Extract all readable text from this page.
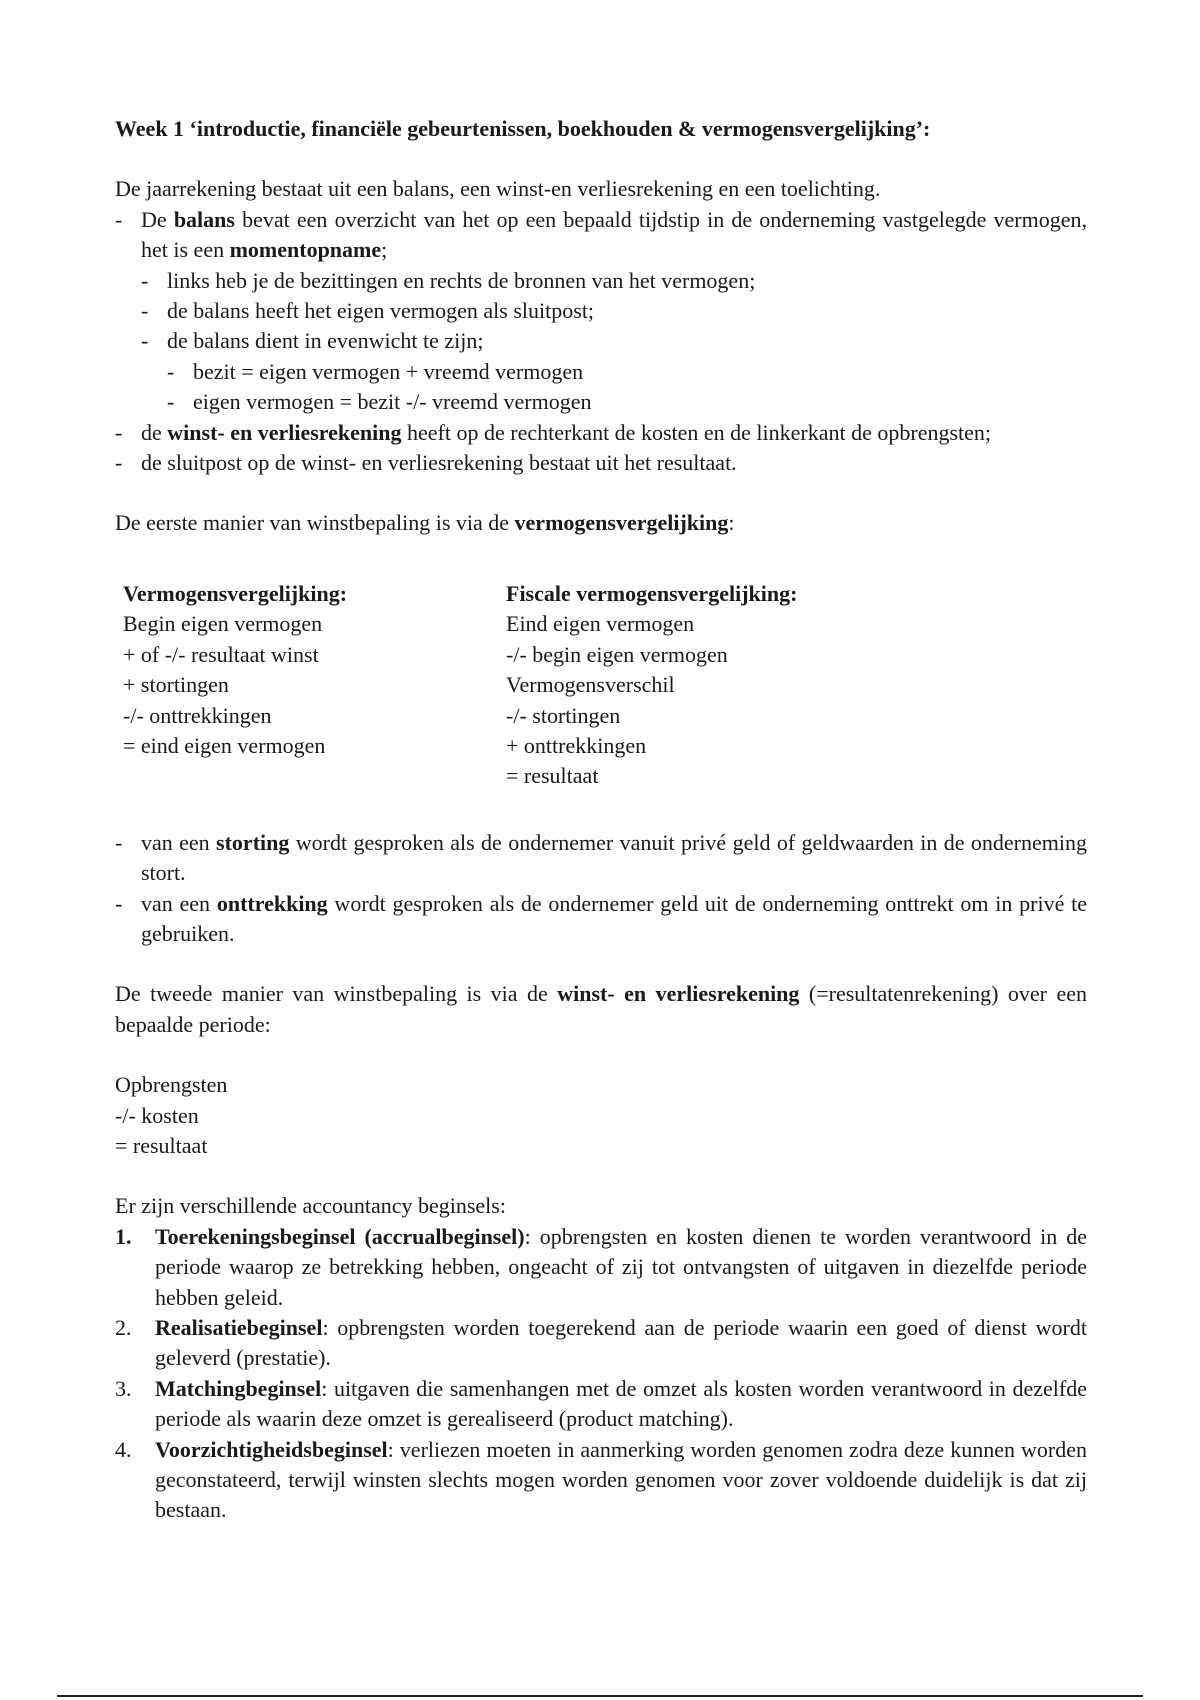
Week 1 ‘introductie, financiële gebeurtenissen, boekhouden & vermogensvergelijking’:

De jaarrekening bestaat uit een balans, een winst-en verliesrekening en een toelichting.

- De balans bevat een overzicht van het op een bepaald tijdstip in de onderneming vastgelegde vermogen, het is een momentopname;
- links heb je de bezittingen en rechts de bronnen van het vermogen;
- de balans heeft het eigen vermogen als sluitpost;
- de balans dient in evenwicht te zijn;
- bezit = eigen vermogen + vreemd vermogen
- eigen vermogen = bezit -/- vreemd vermogen
- de winst- en verliesrekening heeft op de rechterkant de kosten en de linkerkant de opbrengsten;
- de sluitpost op de winst- en verliesrekening bestaat uit het resultaat.

De eerste manier van winstbepaling is via de vermogensvergelijking:

Vermogensvergelijking:

Begin eigen vermogen

+ of -/- resultaat winst

+ stortingen

-/- onttrekkingen

= eind eigen vermogen

Fiscale vermogensvergelijking:

Eind eigen vermogen

-/- begin eigen vermogen

Vermogensverschil

-/- stortingen

+ onttrekkingen

= resultaat

- van een storting wordt gesproken als de ondernemer vanuit privé geld of geldwaarden in de onderneming stort.
- van een onttrekking wordt gesproken als de ondernemer geld uit de onderneming onttrekt om in privé te gebruiken.

De tweede manier van winstbepaling is via de winst- en verliesrekening (=resultatenrekening) over een bepaalde periode:

Opbrengsten

-/- kosten

= resultaat

Er zijn verschillende accountancy beginsels:

1. Toerekeningsbeginsel (accrualbeginsel): opbrengsten en kosten dienen te worden verantwoord in de periode waarop ze betrekking hebben, ongeacht of zij tot ontvangsten of uitgaven in diezelfde periode hebben geleid.
2. Realisatiebeginsel: opbrengsten worden toegerekend aan de periode waarin een goed of dienst wordt geleverd (prestatie).
3. Matchingbeginsel: uitgaven die samenhangen met de omzet als kosten worden verantwoord in dezelfde periode als waarin deze omzet is gerealiseerd (product matching).
4. Voorzichtigheidsbeginsel: verliezen moeten in aanmerking worden genomen zodra deze kunnen worden geconstateerd, terwijl winsten slechts mogen worden genomen voor zover voldoende duidelijk is dat zij bestaan.
